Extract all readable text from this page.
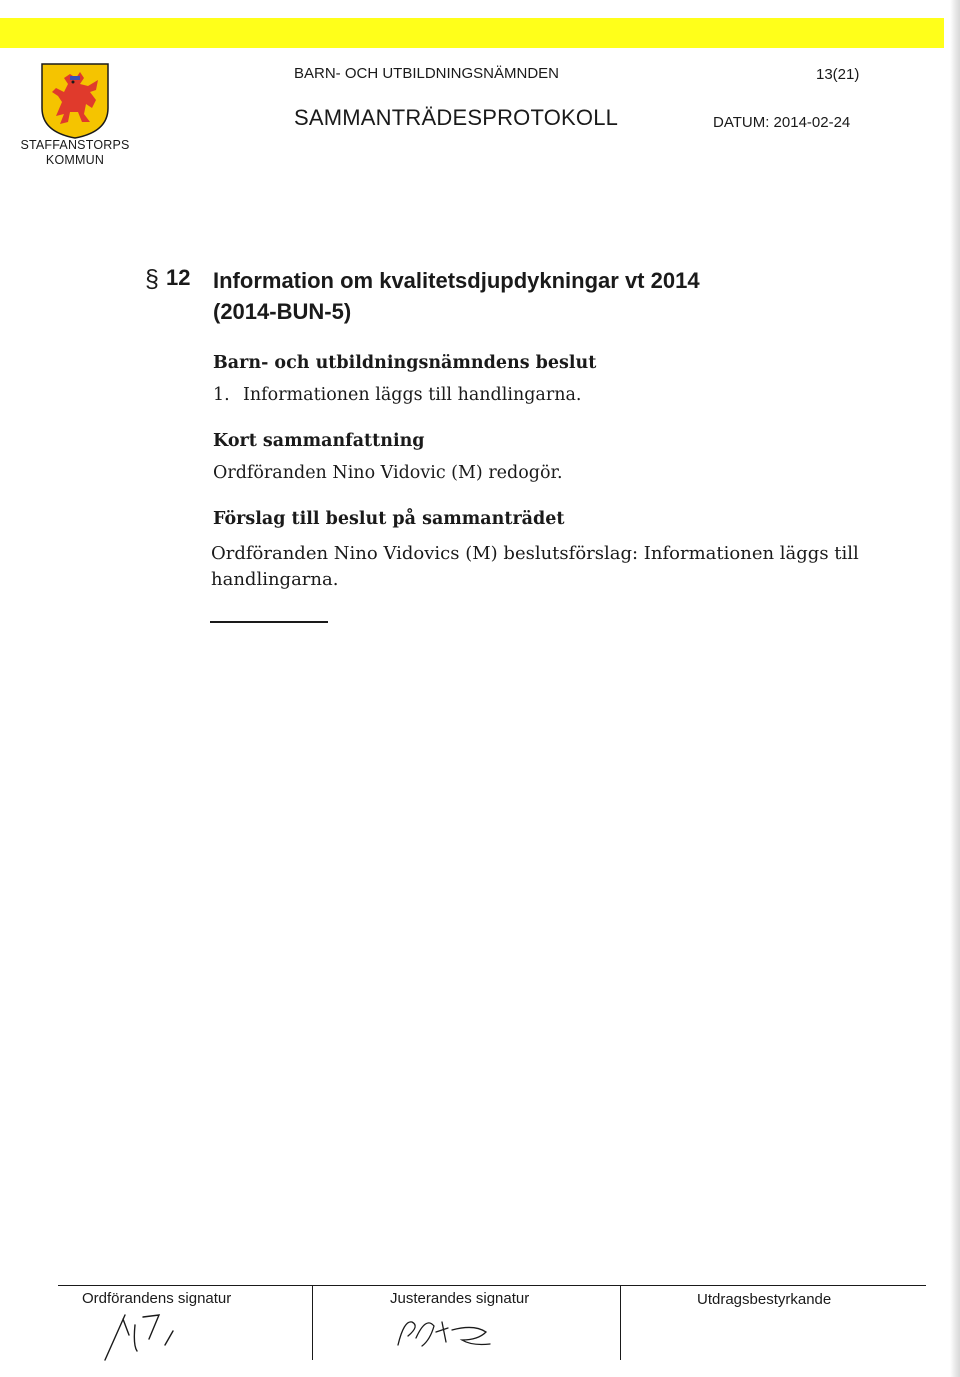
STAFFANSTORPS
KOMMUN
BARN- OCH UTBILDNINGSNÄMNDEN	13(21)
SAMMANTRÄDESPROTOKOLL	DATUM: 2014-02-24
§ 12 Information om kvalitetsdjupdykningar vt 2014
(2014-BUN-5)
Barn- och utbildningsnämndens beslut
1. Informationen läggs till handlingarna.
Kort sammanfattning
Ordföranden Nino Vidovic (M) redogör.
Förslag till beslut på sammanträdet
Ordföranden Nino Vidovics (M) beslutsförslag: Informationen läggs till handlingarna.
Ordförandens signatur	Justerandes signatur	Utdragsbestyrkande
